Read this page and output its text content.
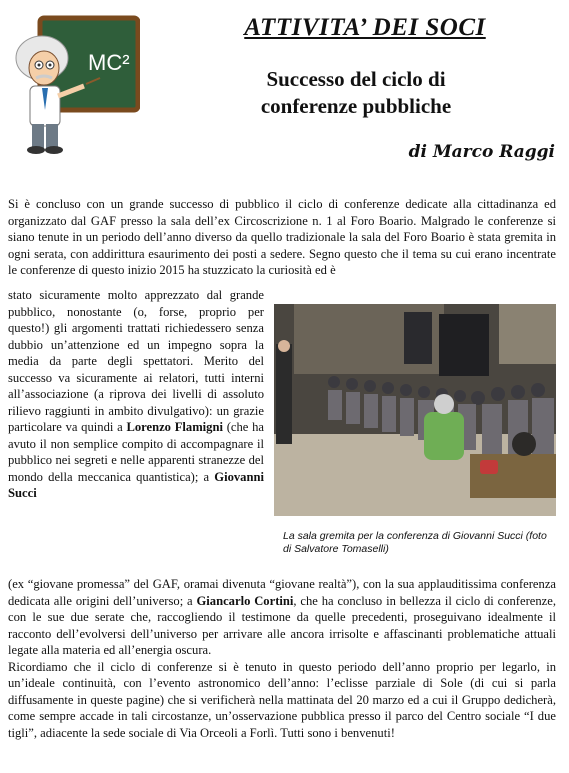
MC²
ATTIVITA’ DEI SOCI
Successo del ciclo di
conferenze pubbliche
di Marco Raggi
Si è concluso con un grande successo di pubblico il ciclo di conferenze dedicate alla cittadinanza ed organizzato dal GAF presso la sala dell’ex Circoscrizione n. 1 al Foro Boario. Malgrado le conferenze si siano tenute in un periodo dell’anno diverso da quello tradizionale la sala del Foro Boario è stata gremita in ogni serata, con addirittura esaurimento dei posti a sedere. Segno questo che il tema su cui erano incentrate le conferenze di questo inizio 2015 ha stuzzicato la curiosità ed è
stato sicuramente molto apprezzato dal grande pubblico, nonostante (o, forse, proprio per questo!) gli argomenti trattati richiedessero senza dubbio un’attenzione ed un impegno sopra la media da parte degli spettatori. Merito del successo va sicuramente ai relatori, tutti interni all’associazione (a riprova dei livelli di assoluto rilievo raggiunti in ambito divulgativo): un grazie particolare va quindi a Lorenzo Flamigni (che ha avuto il non semplice compito di accompagnare il pubblico nei segreti e nelle apparenti stranezze del mondo della meccanica quantistica); a Giovanni Succi
La sala gremita per la conferenza di Giovanni Succi (foto di Salvatore Tomaselli)
(ex “giovane promessa” del GAF, oramai divenuta “giovane realtà”), con la sua applauditissima conferenza dedicata alle origini dell’universo; a Giancarlo Cortini, che ha concluso in bellezza il ciclo di conferenze, con le sue due serate che, raccogliendo il testimone da quelle precedenti, proseguivano idealmente il racconto dell’evolversi dell’universo per arrivare alle ancora irrisolte e affascinanti problematiche attuali legate alla materia ed all’energia oscura.
Ricordiamo che il ciclo di conferenze si è tenuto in questo periodo dell’anno proprio per legarlo, in un’ideale continuità, con l’evento astronomico dell’anno: l’eclisse parziale di Sole (di cui si parla diffusamente in queste pagine) che si verificherà nella mattinata del 20 marzo ed a cui il Gruppo dedicherà, come sempre accade in tali circostanze, un’osservazione pubblica presso il parco del Centro sociale “I due tigli”, adiacente la sede sociale di Via Orceoli a Forlì. Tutti sono i benvenuti!
